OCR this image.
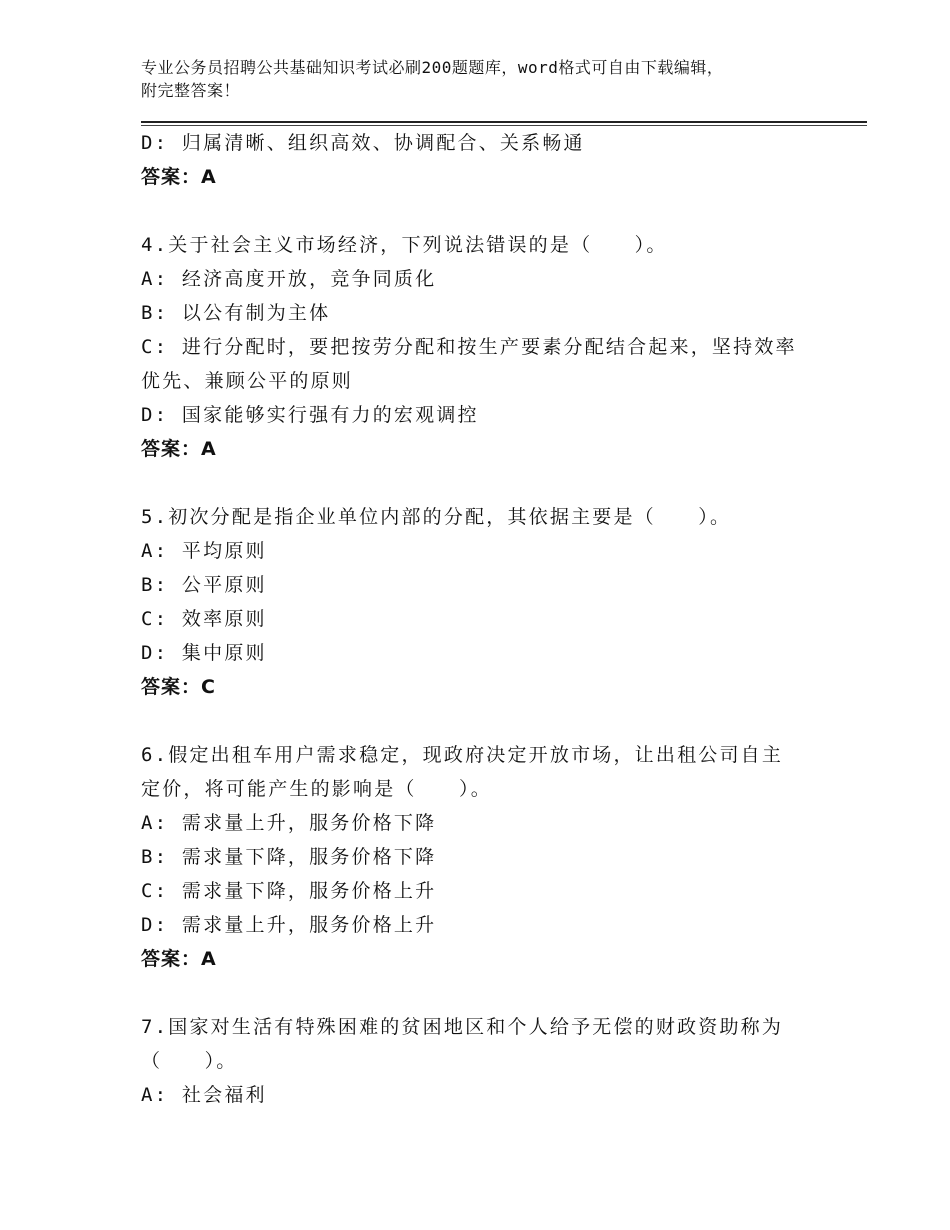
专业公务员招聘公共基础知识考试必刷200题题库，word格式可自由下载编辑，
附完整答案！
D: 归属清晰、组织高效、协调配合、关系畅通
答案：A
4.关于社会主义市场经济，下列说法错误的是（　　）。
A: 经济高度开放，竞争同质化
B: 以公有制为主体
C: 进行分配时，要把按劳分配和按生产要素分配结合起来，坚持效率
优先、兼顾公平的原则
D: 国家能够实行强有力的宏观调控
答案：A
5.初次分配是指企业单位内部的分配，其依据主要是（　　）。
A: 平均原则
B: 公平原则
C: 效率原则
D: 集中原则
答案：C
6.假定出租车用户需求稳定，现政府决定开放市场，让出租公司自主
定价，将可能产生的影响是（　　）。
A: 需求量上升，服务价格下降
B: 需求量下降，服务价格下降
C: 需求量下降，服务价格上升
D: 需求量上升，服务价格上升
答案：A
7.国家对生活有特殊困难的贫困地区和个人给予无偿的财政资助称为
（　　）。
A: 社会福利
